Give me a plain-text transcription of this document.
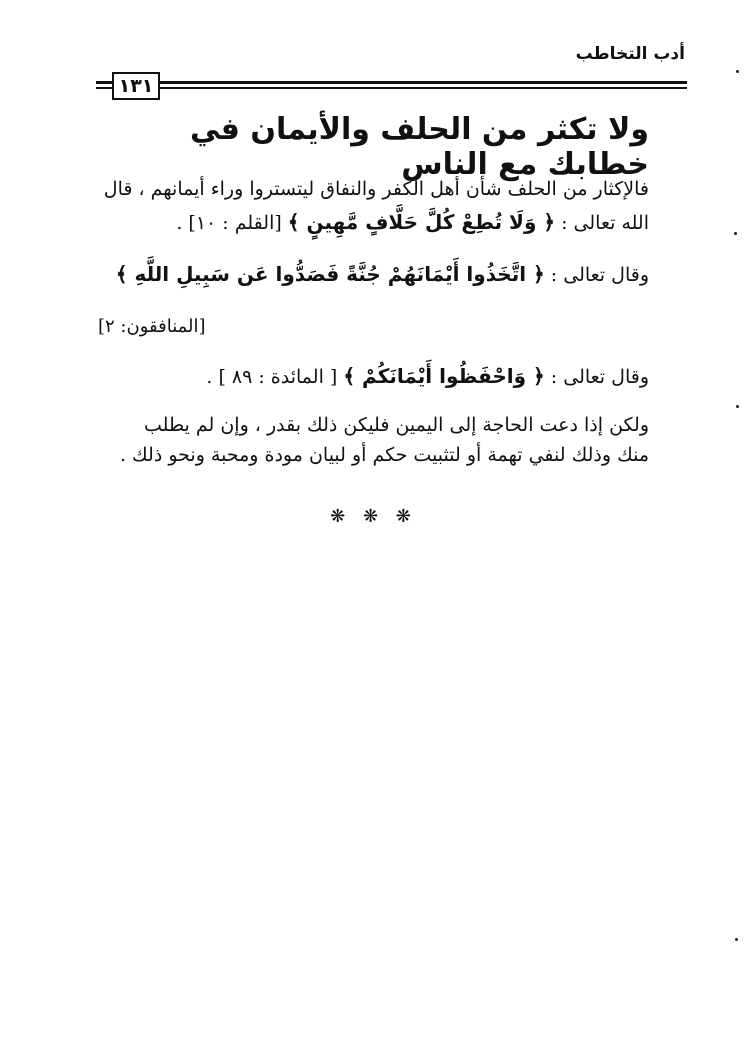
أدب التخاطب
١٣١
ولا تكثر من الحلف والأيمان في خطابك مع الناس
فالإكثار من الحلف شأن أهل الكفر والنفاق ليتستروا وراء أيمانهم ، قال
الله تعالى : ﴿ وَلَا تُطِعْ كُلَّ حَلَّافٍ مَّهِينٍ ﴾ [القلم : ١٠] .
وقال تعالى : ﴿ اتَّخَذُوا أَيْمَانَهُمْ جُنَّةً فَصَدُّوا عَن سَبِيلِ اللَّهِ ﴾
[المنافقون: ٢]
وقال تعالى : ﴿ وَاحْفَظُوا أَيْمَانَكُمْ ﴾ [ المائدة : ٨٩ ] .
ولكن إذا دعت الحاجة إلى اليمين فليكن ذلك بقدر ، وإن لم يطلب
منك وذلك لنفي تهمة أو لتثبيت حكم أو لبيان مودة ومحبة ونحو ذلك .
❋ ❋ ❋
